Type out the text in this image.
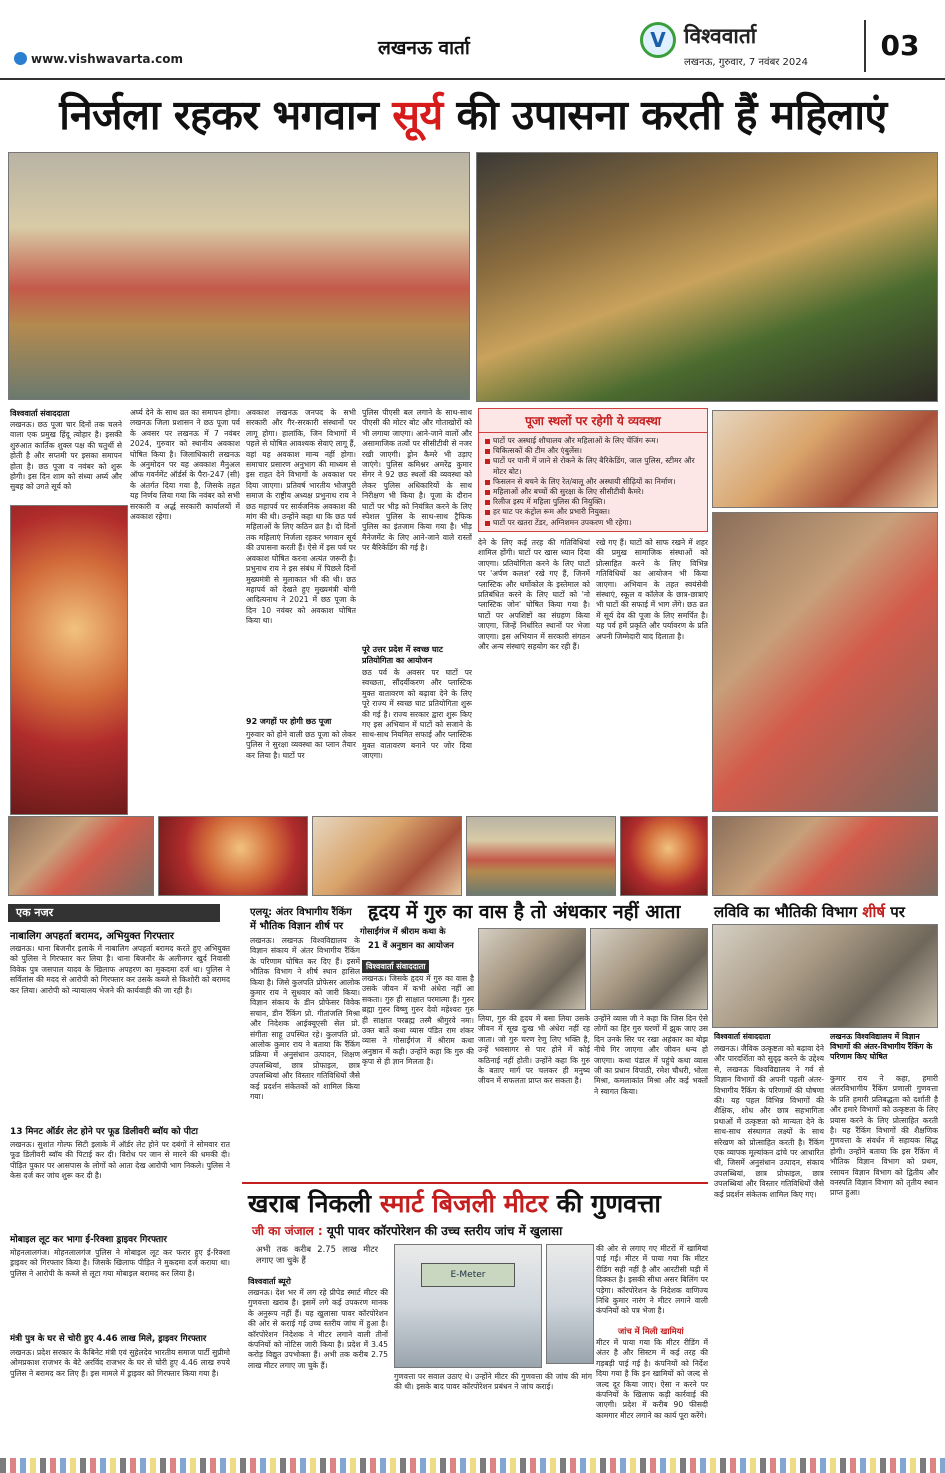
www.vishwavarta.com	लखनऊ वार्ता	V विश्ववार्ता
लखनऊ, गुरुवार, 7 नवंबर 2024
03
निर्जला रहकर भगवान सूर्य की उपासना करती हैं महिलाएं
विश्ववार्ता संवाददाता
लखनऊ। छठ पूजा चार दिनों तक चलने वाला एक प्रमुख हिंदू त्योहार है। इसकी शुरुआत कार्तिक शुक्ल पक्ष की चतुर्थी से होती है और सप्तमी पर इसका समापन होता है। छठ पूजा व नवंबर को शुरू होगी। इस दिन शाम को संध्या अर्घ्य और सुबह को उगते सूर्य को
अर्घ्य देने के साथ व्रत का समापन होगा। लखनऊ जिला प्रशासन ने छठ पूजा पर्व के अवसर पर लखनऊ में 7 नवंबर 2024, गुरुवार को स्थानीय अवकाश घोषित किया है। जिलाधिकारी लखनऊ के अनुमोदन पर यह अवकाश मैनुअल ऑफ गवर्नमेंट ऑर्डर्स के पैरा-247 (सी) के अंतर्गत दिया गया है, जिसके तहत यह निर्णय लिया गया कि नवंबर को सभी सरकारी व अर्द्ध सरकारी कार्यालयों में अवकाश रहेगा।
अवकाश लखनऊ जनपद के सभी सरकारी और गैर-सरकारी संस्थानों पर लागू होगा। हालांकि, जिन विभागों में पहले से घोषित आवश्यक सेवाएं लागू हैं, वहां यह अवकाश मान्य नहीं होगा। समाचार प्रसारण अनुभाग की माध्यम से इस राहत देने विभागों के अवकाश पर दिया जाएगा। प्रतिवर्ष भारतीय भोजपुरी समाज के राष्ट्रीय अध्यक्ष प्रभुनाथ राय ने छठ महापर्व पर सार्वजनिक अवकाश की मांग की थी। उन्होंने कहा था कि छठ पर्व महिलाओं के लिए कठिन व्रत है। दो दिनों तक महिलाएं निर्जला रहकर भगवान सूर्य की उपासना करती हैं। ऐसे में इस पर्व पर अवकाश घोषित करना अत्यंत जरूरी है। प्रभुनाथ राय ने इस संबंध में पिछले दिनों मुख्यमंत्री से मुलाकात भी की थी। छठ महापर्व को देखते हुए मुख्यमंत्री योगी आदित्यनाथ ने 2021 में छठ पूजा के दिन 10 नवंबर को अवकाश घोषित किया था।
92 जगहों पर होगी छठ पूजा
गुरुवार को होने वाली छठ पूजा को लेकर पुलिस ने सुरक्षा व्यवस्था का प्लान तैयार कर लिया है। घाटों पर
पुलिस पीएसी बल लगाने के साथ-साथ पीएसी की मोटर बोट और गोताखोरों को भी लगाया जाएगा। आने-जाने वालों और असामाजिक तत्वों पर सीसीटीवी से नजर रखी जाएगी। ड्रोन कैमरे भी उड़ाए जाएंगे। पुलिस कमिश्नर अमरेंद्र कुमार सेंगर ने 92 छठ स्थलों की व्यवस्था को लेकर पुलिस अधिकारियों के साथ निरीक्षण भी किया है। पूजा के दौरान घाटों पर भीड़ को नियंत्रित करने के लिए स्पेशल पुलिस के साथ-साथ ट्रैफिक पुलिस का इंतजाम किया गया है। भीड़ मैनेजमेंट के लिए आने-जाने वाले रास्तों पर बैरिकेडिंग की गई है।
पूरे उत्तर प्रदेश में स्वच्छ घाट प्रतियोगिता का आयोजन
छठ पर्व के अवसर पर घाटों पर स्वच्छता, सौंदर्यीकरण और प्लास्टिक मुक्त वातावरण को बढ़ावा देने के लिए पूरे राज्य में स्वच्छ घाट प्रतियोगिता शुरू की गई है। राज्य सरकार द्वारा शुरू किए गए इस अभियान में घाटों को सजाने के साथ-साथ नियमित सफाई और प्लास्टिक मुक्त वातावरण बनाने पर जोर दिया जाएगा।
पूजा स्थलों पर रहेगी ये व्यवस्था
घाटों पर अस्थाई शौचालय और महिलाओं के लिए चेंजिंग रूम।
चिकित्सकों की टीम और एंबुलेंस।
घाटों पर पानी में जाने से रोकने के लिए बैरिकेडिंग, जाल पुलिस, स्टीमर और मोटर बोट।
फिसलन से बचने के लिए रेत/बालू और अस्थायी सीढ़ियों का निर्माण।
महिलाओं और बच्चों की सुरक्षा के लिए सीसीटीवी कैमरे।
रिलीज इस्प में महिला पुलिस की नियुक्ति।
हर घाट पर कंट्रोल रूम और प्रभारी नियुक्त।
घाटों पर खतरा टेंडर, अग्निशमन उपकरण भी रहेगा।
देने के लिए कई तरह की गतिविधियां शामिल होंगी। घाटों पर खास ध्यान दिया जाएगा। प्रतियोगिता करने के लिए घाटों पर 'अर्पण कलश' रखे गए हैं, जिनमें प्लास्टिक और थर्मोकोल के इस्तेमाल को प्रतिबंधित करने के लिए घाटों को 'नो प्लास्टिक जोन' घोषित किया गया है। घाटों पर अपशिष्टों का संग्रहण किया जाएगा, जिन्हें निर्धारित स्थानों पर भेजा जाएगा। इस अभियान में सरकारी संगठन और अन्य संस्थाएं सहयोग कर रही हैं।
रखे गए हैं। घाटों को साफ रखने में शहर की प्रमुख सामाजिक संस्थाओं को प्रोत्साहित करने के लिए विभिन्न गतिविधियों का आयोजन भी किया जाएगा। अभियान के तहत स्वयंसेवी संस्थाएं, स्कूल व कॉलेज के छात्र-छात्राएं भी घाटों की सफाई में भाग लेंगे। छठ व्रत में सूर्य देव की पूजा के लिए समर्पित है। यह पर्व हमें प्रकृति और पर्यावरण के प्रति अपनी जिम्मेदारी याद दिलाता है।
एक नजर
नाबालिग अपहर्ता बरामद, अभियुक्त गिरफ्तार
लखनऊ। थाना बिजनौर इलाके में नाबालिग अपहर्ता बरामद करते हुए अभियुक्त को पुलिस ने गिरफ्तार कर लिया है। थाना बिजनौर के अलीनगर खुर्द निवासी विवेक पुत्र जसपाल यादव के खिलाफ अपहरण का मुकदमा दर्ज था। पुलिस ने सर्विलांस की मदद से आरोपी को गिरफ्तार कर उसके कब्जे से किशोरी को बरामद कर लिया। आरोपी को न्यायालय भेजने की कार्यवाही की जा रही है।
13 मिनट ऑर्डर लेट होने पर फूड डिलीवरी ब्वॉय को पीटा
लखनऊ। सुशांत गोल्फ सिटी इलाके में ऑर्डर लेट होने पर दबंगों ने सोमवार रात फूड डिलीवरी ब्वॉय की पिटाई कर दी। विरोध पर जान से मारने की धमकी दी। पीड़ित पुकार पर आसपास के लोगों को आता देख आरोपी भाग निकले। पुलिस ने केस दर्ज कर जांच शुरू कर दी है।
मोबाइल लूट कर भागा ई-रिक्शा ड्राइवर गिरफ्तार
मोहनलालगंज। मोहनलालगंज पुलिस ने मोबाइल लूट कर फरार हुए ई-रिक्शा ड्राइवर को गिरफ्तार किया है। जिसके खिलाफ पीड़ित ने मुकदमा दर्ज कराया था। पुलिस ने आरोपी के कब्जे से लूटा गया मोबाइल बरामद कर लिया है।
मंत्री पुत्र के घर से चोरी हुए 4.46 लाख मिले, ड्राइवर गिरफ्तार
लखनऊ। प्रदेश सरकार के कैबिनेट मंत्री एवं सुहेलदेव भारतीय समाज पार्टी सुप्रीमो ओमप्रकाश राजभर के बेटे अरविंद राजभर के घर से चोरी हुए 4.46 लाख रुपये पुलिस ने बरामद कर लिए हैं। इस मामले में ड्राइवर को गिरफ्तार किया गया है।
एलयू: अंतर विभागीय रैंकिंग
में भौतिक विज्ञान शीर्ष पर
लखनऊ। लखनऊ विश्वविद्यालय के विज्ञान संकाय में अंतर विभागीय रैंकिंग के परिणाम घोषित कर दिए हैं। इसमें भौतिक विभाग ने शीर्ष स्थान हासिल किया है। जिसे कुलपति प्रोफेसर आलोक कुमार राय ने सुधवार को जारी किया। विज्ञान संकाय के डीन प्रोफेसर विवेक सचान, डीन रैंकिंग प्रो. गीतांजलि मिश्रा और निदेशक आईक्यूएसी सेल प्रो. संगीता साहू उपस्थित रहे। कुलपति प्रो. आलोक कुमार राय ने बताया कि रैंकिंग प्रक्रिया में अनुसंधान उत्पादन, शिक्षण उपलब्धियां, छात्र प्रोफाइल, छात्र उपलब्धियां और विस्तार गतिविधियों जैसे कई प्रदर्शन संकेतकों को शामिल किया गया।
हृदय में गुरु का वास है तो अंधकार नहीं आता
गोसाईंगंज में श्रीराम कथा के
21 वें अनुष्ठान का आयोजन
विश्ववार्ता संवाददाता
लखनऊ। जिसके हृदय में गुरु का वास है उसके जीवन में कभी अंधेरा नहीं आ सकता। गुरु ही साक्षात परमात्मा हैं। गुरुर ब्रह्मा गुरुर विष्णु गुरुर देवो महेश्वरः गुरु ही साक्षात परब्रह्म तस्मै श्रीगुरवे नमः। उक्त बातें कथा व्यास पंडित राम शंकर व्यास ने गोसाईंगंज में श्रीराम कथा अनुष्ठान में कही। उन्होंने कहा कि गुरु की कृपा से ही ज्ञान मिलता है।
लिया, गुरु की हृदय में बसा लिया उसके जीवन में सूख दुःख भी अंधेरा नहीं रह जाता। जो गुरु चरण रेणु लिए भक्ति है, उन्हें भवसागर से पार होने में कोई कठिनाई नहीं होती। उन्होंने कहा कि गुरु के बताए मार्ग पर चलकर ही मनुष्य जीवन में सफलता प्राप्त कर सकता है।
उन्होंने व्यास जी ने कहा कि जिस दिन ऐसे लोगों का हिर गुरु चरणों में झुक जाए उस दिन उनके सिर पर रखा अहंकार का बोझ नीचे गिर जाएगा और जीवन धन्य हो जाएगा। कथा पंडाल में पहुंचे कथा व्यास जी का प्रधान विपाठी, रमेश चौधरी, भोला मिश्रा, कमलाकांत मिश्रा और कई भक्तों ने स्वागत किया।
लविवि का भौतिकी विभाग शीर्ष पर
विश्ववार्ता संवाददाता	लखनऊ विश्वविद्यालय में विज्ञान विभागों की अंतर-विभागीय रैंकिंग के परिणाम किए घोषित
लखनऊ। जैविक उत्कृष्टता को बढ़ावा देने और पारदर्शिता को सुदृढ़ करने के उद्देश्य से, लखनऊ विश्वविद्यालय ने गर्व से विज्ञान विभागों की अपनी पहली अंतर-विभागीय रैंकिंग के परिणामों की घोषणा की। यह पहल विभिन्न विभागों की शैक्षिक, शोध और छात्र सहभागिता प्रथाओं में उत्कृष्टता को मान्यता देने के साथ-साथ संस्थागत लक्ष्यों के साथ संरेखण को प्रोत्साहित करती है। रैंकिंग एक व्यापक मूल्यांकन ढांचे पर आधारित थी, जिसमें अनुसंधान उत्पादन, संकाय उपलब्धियां, छात्र प्रोफाइल, छात्र उपलब्धियां और विस्तार गतिविधियों जैसे कई प्रदर्शन संकेतक शामिल किए गए।
कुमार राय ने कहा, हमारी अंतरविभागीय रैंकिंग प्रणाली गुणवत्ता के प्रति हमारी प्रतिबद्धता को दर्शाती है और हमारे विभागों को उत्कृष्टता के लिए प्रयास करने के लिए प्रोत्साहित करती है। यह रैंकिंग विभागों की शैक्षणिक गुणवत्ता के संवर्धन में सहायक सिद्ध होगी। उन्होंने बताया कि इस रैंकिंग में भौतिक विज्ञान विभाग को प्रथम, रसायन विज्ञान विभाग को द्वितीय और वनस्पति विज्ञान विभाग को तृतीय स्थान प्राप्त हुआ।
खराब निकली स्मार्ट बिजली मीटर की गुणवत्ता
जी का जंजाल : यूपी पावर कॉरपोरेशन की उच्च स्तरीय जांच में खुलासा
अभी तक करीब 2.75 लाख मीटर लगाए जा चुके हैं
विश्ववार्ता ब्यूरो
लखनऊ। देश भर में लग रहे प्रीपेड स्मार्ट मीटर की गुणवत्ता खराब है। इसमें लगे कई उपकरण मानक के अनुरूप नहीं हैं। यह खुलासा पावर कॉरपोरेशन की ओर से कराई गई उच्च स्तरीय जांच में हुआ है। कॉरपोरेशन निदेशक ने मीटर लगाने वाली तीनों कंपनियों को नोटिस जारी किया है। प्रदेश में 3.45 करोड़ विद्युत उपभोक्ता हैं। अभी तक करीब 2.75 लाख मीटर लगाए जा चुके हैं।
की ओर से लगाए गए मीटरों में खामियां पाई गईं। मीटर में पाया गया कि मीटर रीडिंग सही नहीं है और आरटीसी घड़ी में दिक्कत है। इसकी सीधा असर बिलिंग पर पड़ेगा। कॉरपोरेशन के निदेशक वाणिज्य निधि कुमार नारंग ने मीटर लगाने वाली कंपनियों को पत्र भेजा है।
जांच में मिली खामियां
मीटर में पाया गया कि मीटर रीडिंग में अंतर है और सिस्टम में कई तरह की गड़बड़ी पाई गई है। कंपनियों को निर्देश दिया गया है कि इन खामियों को जल्द से जल्द दूर किया जाए। ऐसा न करने पर कंपनियों के खिलाफ कड़ी कार्रवाई की जाएगी। प्रदेश में करीब 90 फीसदी कामगार मीटर लगाने का कार्य पूरा करेंगे।
E-Meter
गुणवत्ता पर सवाल उठाए थे। उन्होंने मीटर की गुणवत्ता की जांच की मांग की थी। इसके बाद पावर कॉरपोरेशन प्रबंधन ने जांच कराई।
